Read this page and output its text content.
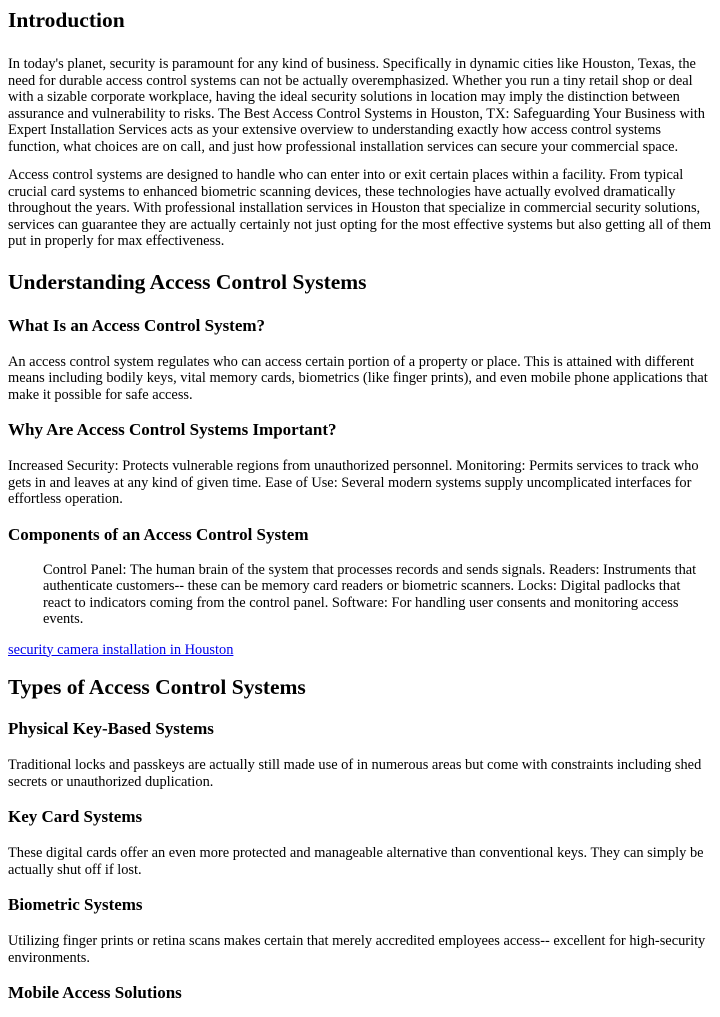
Introduction

In today's planet, security is paramount for any kind of business. Specifically in dynamic cities like Houston, Texas, the need for durable access control systems can not be actually overemphasized. Whether you run a tiny retail shop or deal with a sizable corporate workplace, having the ideal security solutions in location may imply the distinction between assurance and vulnerability to risks. The Best Access Control Systems in Houston, TX: Safeguarding Your Business with Expert Installation Services acts as your extensive overview to understanding exactly how access control systems function, what choices are on call, and just how professional installation services can secure your commercial space.

Access control systems are designed to handle who can enter into or exit certain places within a facility. From typical crucial card systems to enhanced biometric scanning devices, these technologies have actually evolved dramatically throughout the years. With professional installation services in Houston that specialize in commercial security solutions, services can guarantee they are actually certainly not just opting for the most effective systems but also getting all of them put in properly for max effectiveness.

Understanding Access Control Systems
What Is an Access Control System?

An access control system regulates who can access certain portion of a property or place. This is attained with different means including bodily keys, vital memory cards, biometrics (like finger prints), and even mobile phone applications that make it possible for safe access.

Why Are Access Control Systems Important?

Increased Security: Protects vulnerable regions from unauthorized personnel. Monitoring: Permits services to track who gets in and leaves at any kind of given time. Ease of Use: Several modern systems supply uncomplicated interfaces for effortless operation.

Components of an Access Control System

Control Panel: The human brain of the system that processes records and sends signals. Readers: Instruments that authenticate customers-- these can be memory card readers or biometric scanners. Locks: Digital padlocks that react to indicators coming from the control panel. Software: For handling user consents and monitoring access events.

security camera installation in Houston
Types of Access Control Systems
Physical Key-Based Systems

Traditional locks and passkeys are actually still made use of in numerous areas but come with constraints including shed secrets or unauthorized duplication.

Key Card Systems

These digital cards offer an even more protected and manageable alternative than conventional keys. They can simply be actually shut off if lost.

Biometric Systems

Utilizing finger prints or retina scans makes certain that merely accredited employees access-- excellent for high-security environments.

Mobile Access Solutions
